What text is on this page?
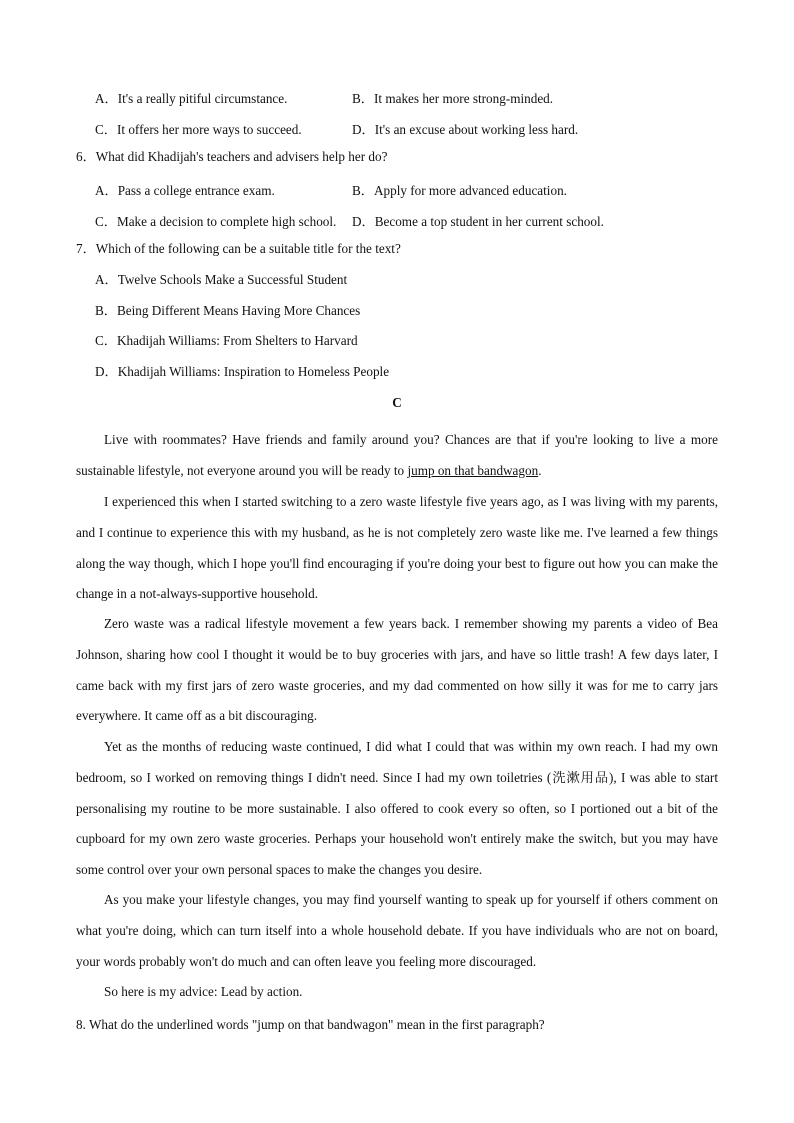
A．It's a really pitiful circumstance.	B．It makes her more strong-minded.
C．It offers her more ways to succeed.	D．It's an excuse about working less hard.
6．What did Khadijah's teachers and advisers help her do?
A．Pass a college entrance exam.	B．Apply for more advanced education.
C．Make a decision to complete high school. D．Become a top student in her current school.
7．Which of the following can be a suitable title for the text?
A．Twelve Schools Make a Successful Student
B．Being Different Means Having More Chances
C．Khadijah Williams: From Shelters to Harvard
D．Khadijah Williams: Inspiration to Homeless People
C
Live with roommates? Have friends and family around you? Chances are that if you're looking to live a more sustainable lifestyle, not everyone around you will be ready to jump on that bandwagon.
I experienced this when I started switching to a zero waste lifestyle five years ago, as I was living with my parents, and I continue to experience this with my husband, as he is not completely zero waste like me. I've learned a few things along the way though, which I hope you'll find encouraging if you're doing your best to figure out how you can make the change in a not-always-supportive household.
Zero waste was a radical lifestyle movement a few years back. I remember showing my parents a video of Bea Johnson, sharing how cool I thought it would be to buy groceries with jars, and have so little trash! A few days later, I came back with my first jars of zero waste groceries, and my dad commented on how silly it was for me to carry jars everywhere. It came off as a bit discouraging.
Yet as the months of reducing waste continued, I did what I could that was within my own reach. I had my own bedroom, so I worked on removing things I didn't need. Since I had my own toiletries (洗漱用品), I was able to start personalising my routine to be more sustainable. I also offered to cook every so often, so I portioned out a bit of the cupboard for my own zero waste groceries. Perhaps your household won't entirely make the switch, but you may have some control over your own personal spaces to make the changes you desire.
As you make your lifestyle changes, you may find yourself wanting to speak up for yourself if others comment on what you're doing, which can turn itself into a whole household debate. If you have individuals who are not on board, your words probably won't do much and can often leave you feeling more discouraged.
So here is my advice: Lead by action.
8. What do the underlined words "jump on that bandwagon" mean in the first paragraph?
